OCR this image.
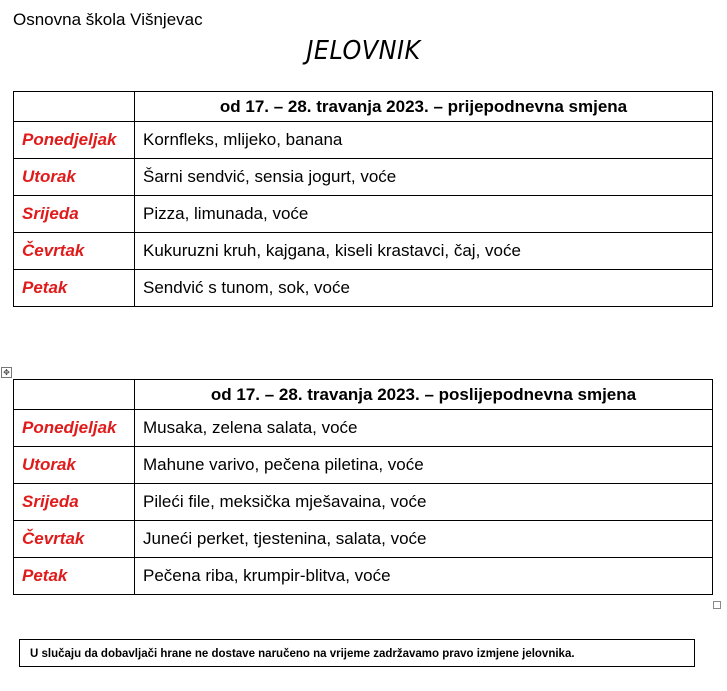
Osnovna škola Višnjevac
JELOVNIK
	od 17. – 28. travanja 2023. – prijepodnevna smjena
Ponedjeljak	Kornfleks, mlijeko, banana
Utorak	Šarni sendvić, sensia jogurt, voće
Srijeda	Pizza, limunada, voće
Čevrtak	Kukuruzni kruh, kajgana, kiseli krastavci, čaj, voće
Petak	Sendvić s tunom, sok, voće
✥
	od 17. – 28. travanja 2023. – poslijepodnevna smjena
Ponedjeljak	Musaka, zelena salata, voće
Utorak	Mahune varivo, pečena piletina, voće
Srijeda	Pileći file, meksička mješavaina, voće
Čevrtak	Juneći perket, tjestenina, salata, voće
Petak	Pečena riba, krumpir-blitva, voće
U slučaju da dobavljači hrane ne dostave naručeno na vrijeme zadržavamo pravo izmjene jelovnika.
